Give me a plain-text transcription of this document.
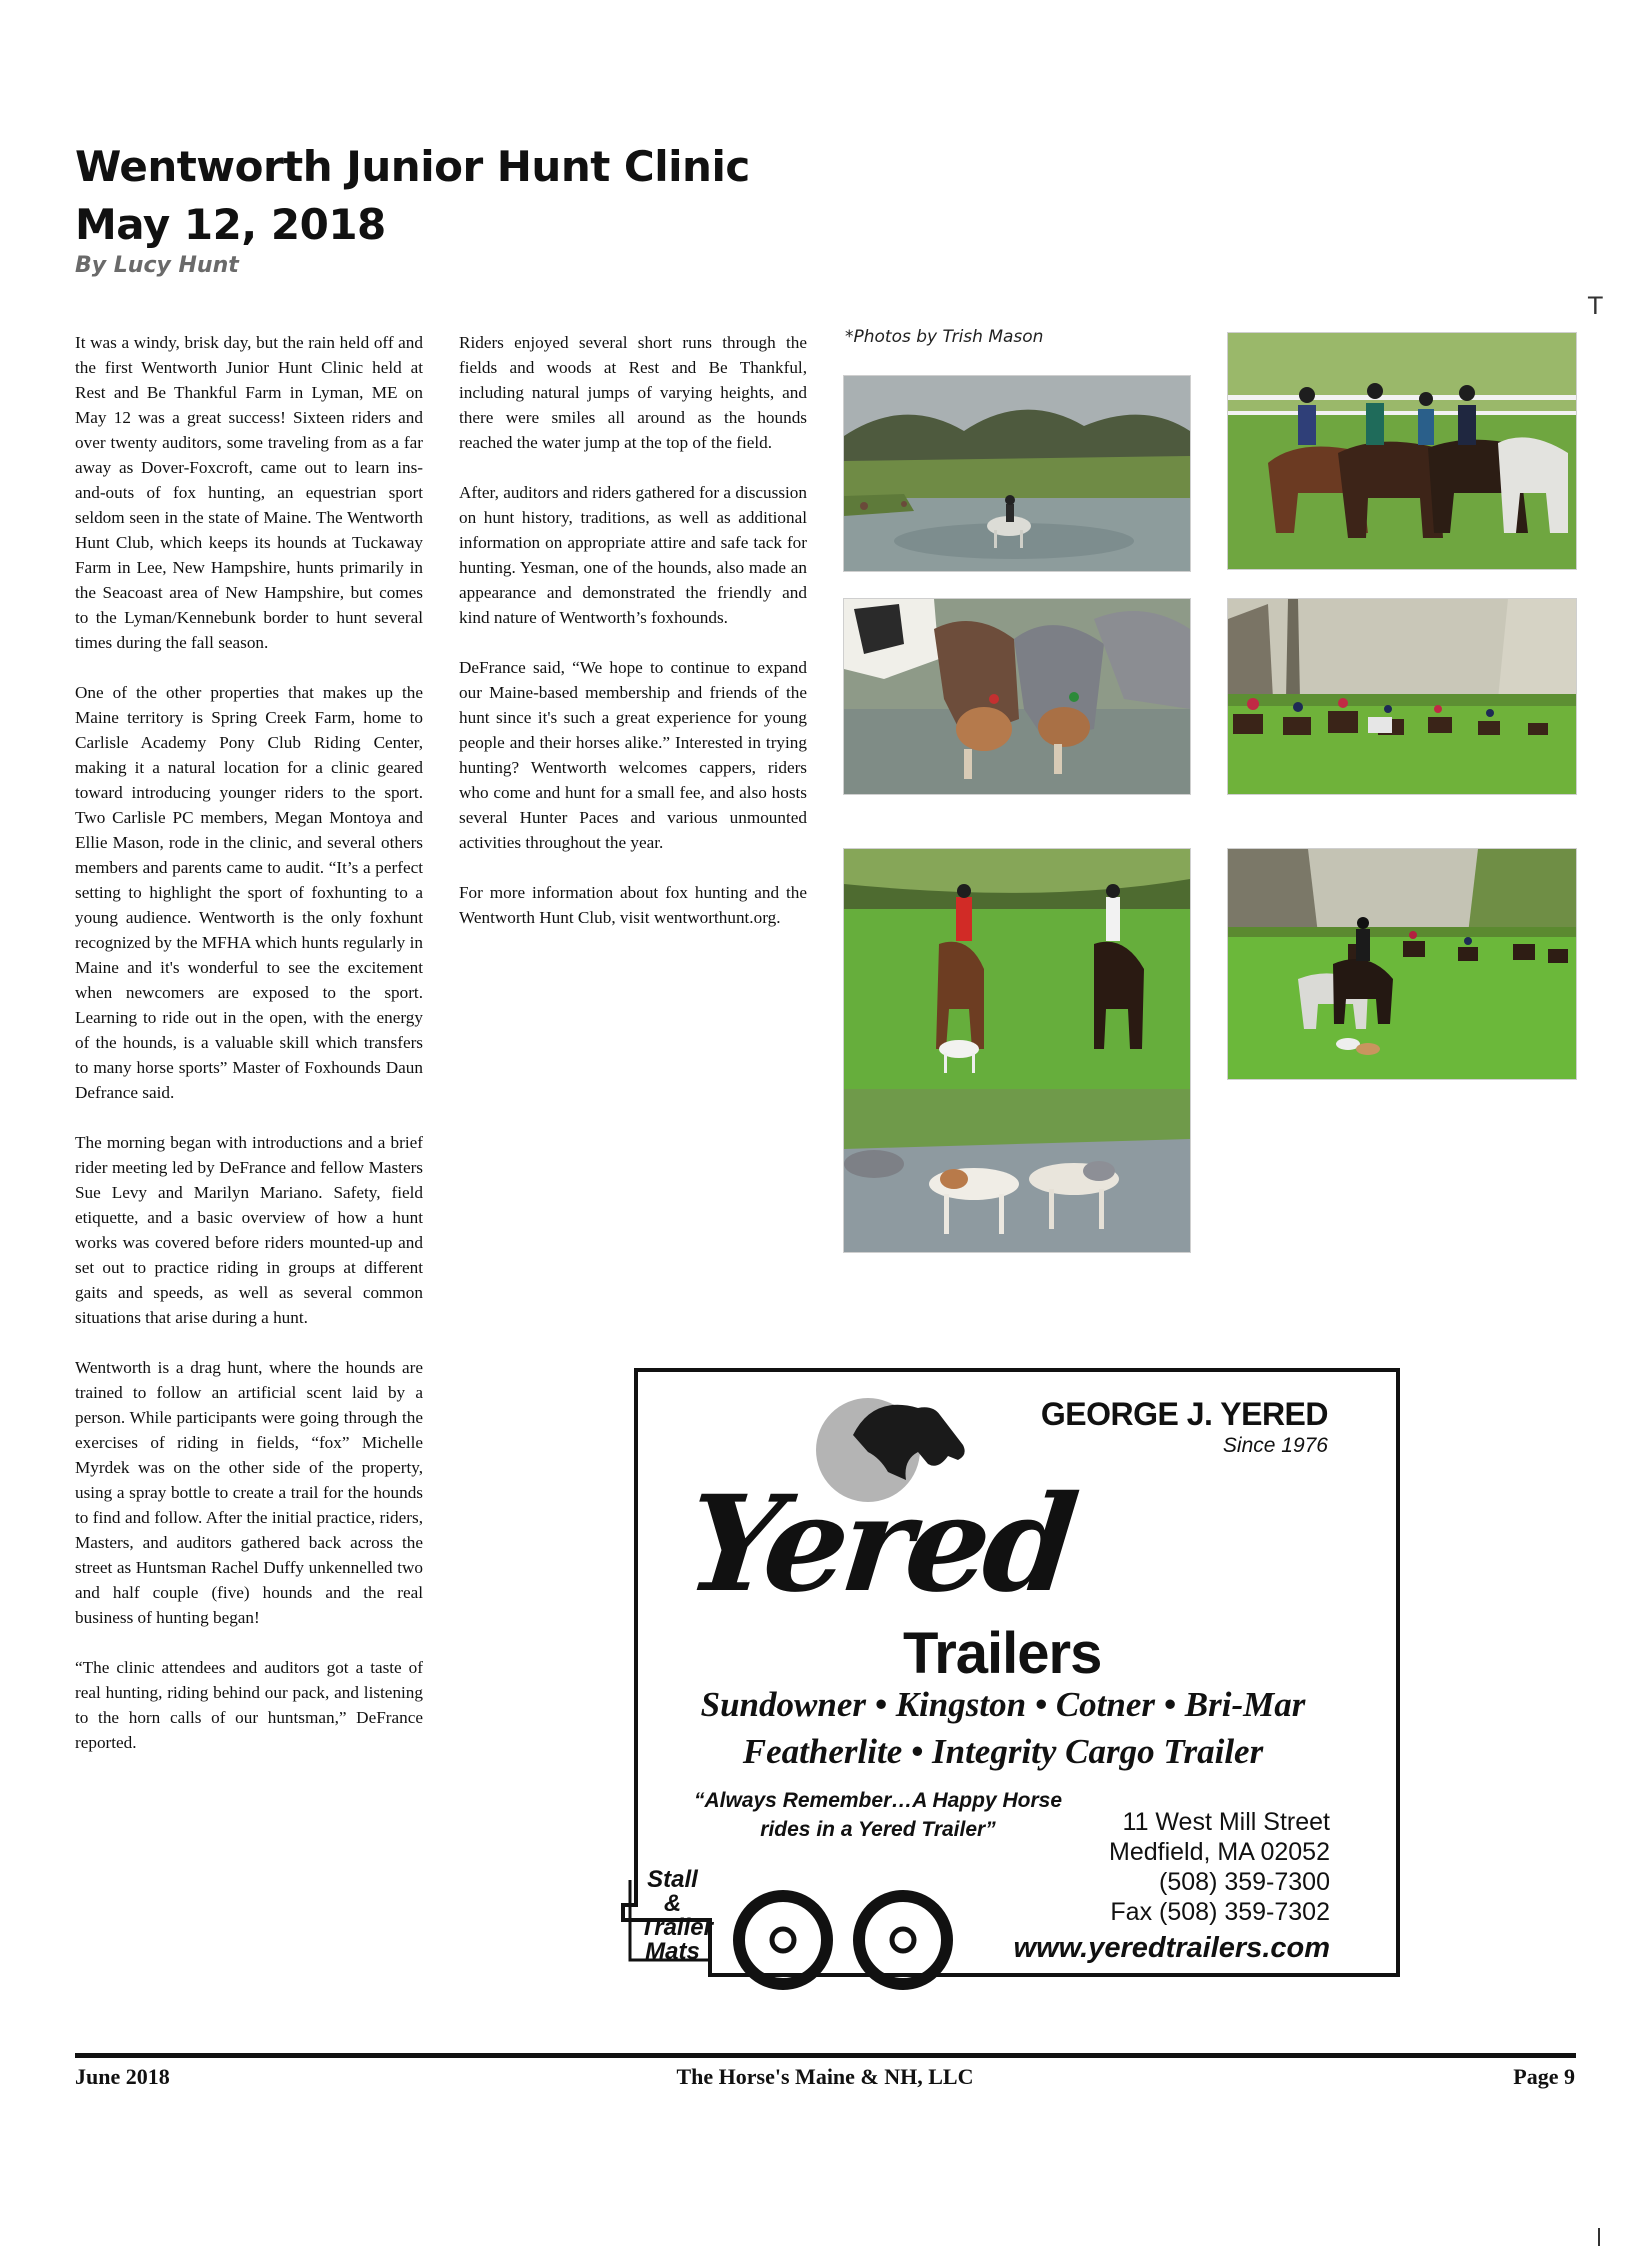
Wentworth Junior Hunt Clinic
May 12, 2018
By Lucy Hunt
T

It was a windy, brisk day, but the rain held off and the first Wentworth Junior Hunt Clinic held at Rest and Be Thankful Farm in Lyman, ME on May 12 was a great success! Sixteen riders and over twenty auditors, some traveling from as a far away as Dover-Foxcroft, came out to learn ins-and-outs of fox hunting, an equestrian sport seldom seen in the state of Maine. The Wentworth Hunt Club, which keeps its hounds at Tuckaway Farm in Lee, New Hampshire, hunts primarily in the Seacoast area of New Hampshire, but comes to the Lyman/Kennebunk border to hunt several times during the fall season.

One of the other properties that makes up the Maine territory is Spring Creek Farm, home to Carlisle Academy Pony Club Riding Center, making it a natural location for a clinic geared toward introducing younger riders to the sport. Two Carlisle PC members, Megan Montoya and Ellie Mason, rode in the clinic, and several others members and parents came to audit. “It’s a perfect setting to highlight the sport of foxhunting to a young audience. Wentworth is the only foxhunt recognized by the MFHA which hunts regularly in Maine and it's wonderful to see the excitement when newcomers are exposed to the sport. Learning to ride out in the open, with the energy of the hounds, is a valuable skill which transfers to many horse sports” Master of Foxhounds Daun Defrance said.

The morning began with introductions and a brief rider meeting led by DeFrance and fellow Masters Sue Levy and Marilyn Mariano. Safety, field etiquette, and a basic overview of how a hunt works was covered before riders mounted-up and set out to practice riding in groups at different gaits and speeds, as well as several common situations that arise during a hunt.

Wentworth is a drag hunt, where the hounds are trained to follow an artificial scent laid by a person. While participants were going through the exercises of riding in fields, “fox” Michelle Myrdek was on the other side of the property, using a spray bottle to create a trail for the hounds to find and follow. After the initial practice, riders, Masters, and auditors gathered back across the street as Huntsman Rachel Duffy unkennelled two and half couple (five) hounds and the real business of hunting began!

“The clinic attendees and auditors got a taste of real hunting, riding behind our pack, and listening to the horn calls of our huntsman,” DeFrance reported.

Riders enjoyed several short runs through the fields and woods at Rest and Be Thankful, including natural jumps of varying heights, and there were smiles all around as the hounds reached the water jump at the top of the field.

After, auditors and riders gathered for a discussion on hunt history, traditions, as well as additional information on appropriate attire and safe tack for hunting. Yesman, one of the hounds, also made an appearance and demonstrated the friendly and kind nature of Wentworth’s foxhounds.

DeFrance said, “We hope to continue to expand our Maine-based membership and friends of the hunt since it's such a great experience for young people and their horses alike.” Interested in trying hunting? Wentworth welcomes cappers, riders who come and hunt for a small fee, and also hosts several Hunter Paces and various unmounted activities throughout the year.

For more information about fox hunting and the Wentworth Hunt Club, visit wentworthunt.org.

*Photos by Trish Mason
GEORGE J. YERED
Since 1976
Yered
Trailers
Sundowner • Kingston • Cotner • Bri-Mar
Featherlite • Integrity Cargo Trailer
“Always Remember…A Happy Horse
rides in a Yered Trailer”	11 West Mill Street
Medfield, MA 02052
(508) 359-7300
Fax (508) 359-7302
www.yeredtrailers.com
Stall
&
Trailer
Mats
June 2018	The Horse's Maine & NH, LLC	Page 9
